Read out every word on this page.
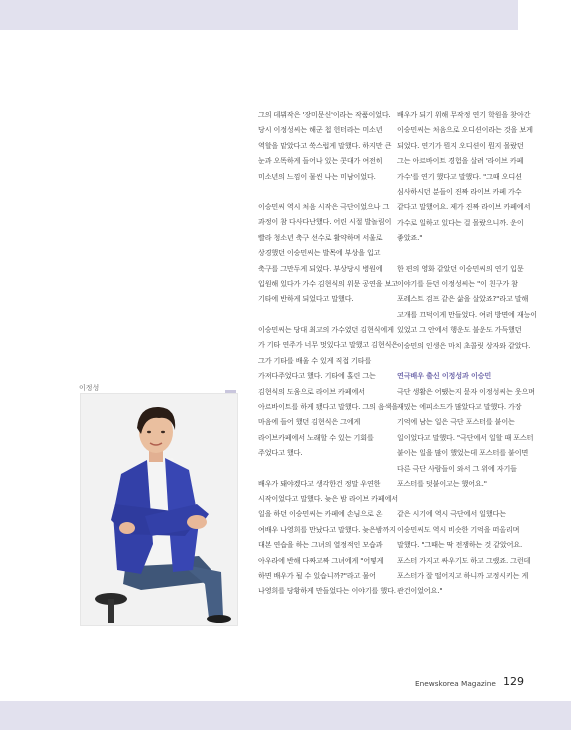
그의 데뷔작은 '장미문신'이라는 작품이었다. 당시 이정성씨는 해군 첩 헌터라는 미소년 역할을 맡았다고 쑥스럽게 말했다. 하지만 큰 눈과 오똑하게 들어나 있는 콧대가 여전히 미소년의 느낌이 물씬 나는 미남이었다.

이승민씨 역시 처음 시작은 극단이었으나 그 과정이 참 다사다난했다. 어린 시절 발놀림이 빨라 청소년 축구 선수로 활약하며 서울로 상경했던 이승민씨는 발목에 부상을 입고 축구를 그만두게 되었다. 부상당시 병원에 입원해 있다가 가수 김현식의 위문 공연을 보고 기타에 반하게 되었다고 말했다.

이승민씨는 당대 최고의 가수였던 김현식에게 가 기타 연주가 너무 멋있다고 말했고 김현식은 그가 기타를 배울 수 있게 직접 기타를 가져다주었다고 했다. 기타에 홀린 그는 김현식의 도움으로 라이브 카페에서 아르바이트를 하게 됐다고 말했다. 그의 음색을 마음에 들어 했던 김현식은 그에게 라이브카페에서 노래할 수 있는 기회를 주었다고 했다.

배우가 돼야겠다고 생각한건 정말 우연한 시작이었다고 말했다. 늦은 밤 라이브 카페에서 일을 하던 이승민씨는 카페에 손님으로 온 여배우 나영희를 만났다고 말했다. 늦은밤까지 대본 연습을 하는 그녀의 열정적인 모습과 아우라에 반해 다짜고짜 그녀에게 "어떻게 하면 배우가 될 수 있습니까?"라고 물어 나영희를 당황하게 만들었다는 이야기를 했다.

배우가 되기 위해 무작정 연기 학원을 찾아간 이승민씨는 처음으로 오디션이라는 것을 보게 되었다. 연기가 뭔지 오디션이 뭔지 몰랐던 그는 아르바이트 경험을 살려 '라이브 카페 가수'를 연기 했다고 말했다. "그때 오디션 심사하시던 분들이 진짜 라이브 카페 가수 같다고 말했어요. 제가 진짜 라이브 카페에서 가수로 일하고 있다는 걸 몰랐으니까. 운이 좋았죠."

한 편의 영화 같았던 이승민씨의 연기 입문 이야기를 듣던 이정성씨는 "이 친구가 참 포레스트 검프 같은 삶을 살았죠?"라고 말해 고개를 끄덕이게 만들었다. 여러 방면에 재능이 있었고 그 안에서 행운도 불운도 가득했던 이승민의 인생은 마치 초콜릿 상자와 같았다.

연극배우 출신 이정성과 이승민

극단 생활은 어땠는지 묻자 이정성씨는 웃으며 재밌는 에피소드가 많았다고 말했다. 가장 기억에 남는 일은 극단 포스터를 붙이는 일이었다고 말했다. "극단에서 일할 때 포스터 붙이는 일을 많이 했었는데 포스터를 붙이면 다른 극단 사람들이 와서 그 위에 자기들 포스터를 덧붙이고는 했어요."

같은 시기에 역시 극단에서 일했다는 이승민씨도 역시 비슷한 기억을 떠올리며 말했다. "그때는 딱 전쟁하는 것 같았어요. 포스터 가지고 싸우기도 하고 그랬죠. 그런데 포스터가 잘 떨어지고 하니까 고정시키는 게 관건이었어요."

이정성
Enewskorea Magazine 129
